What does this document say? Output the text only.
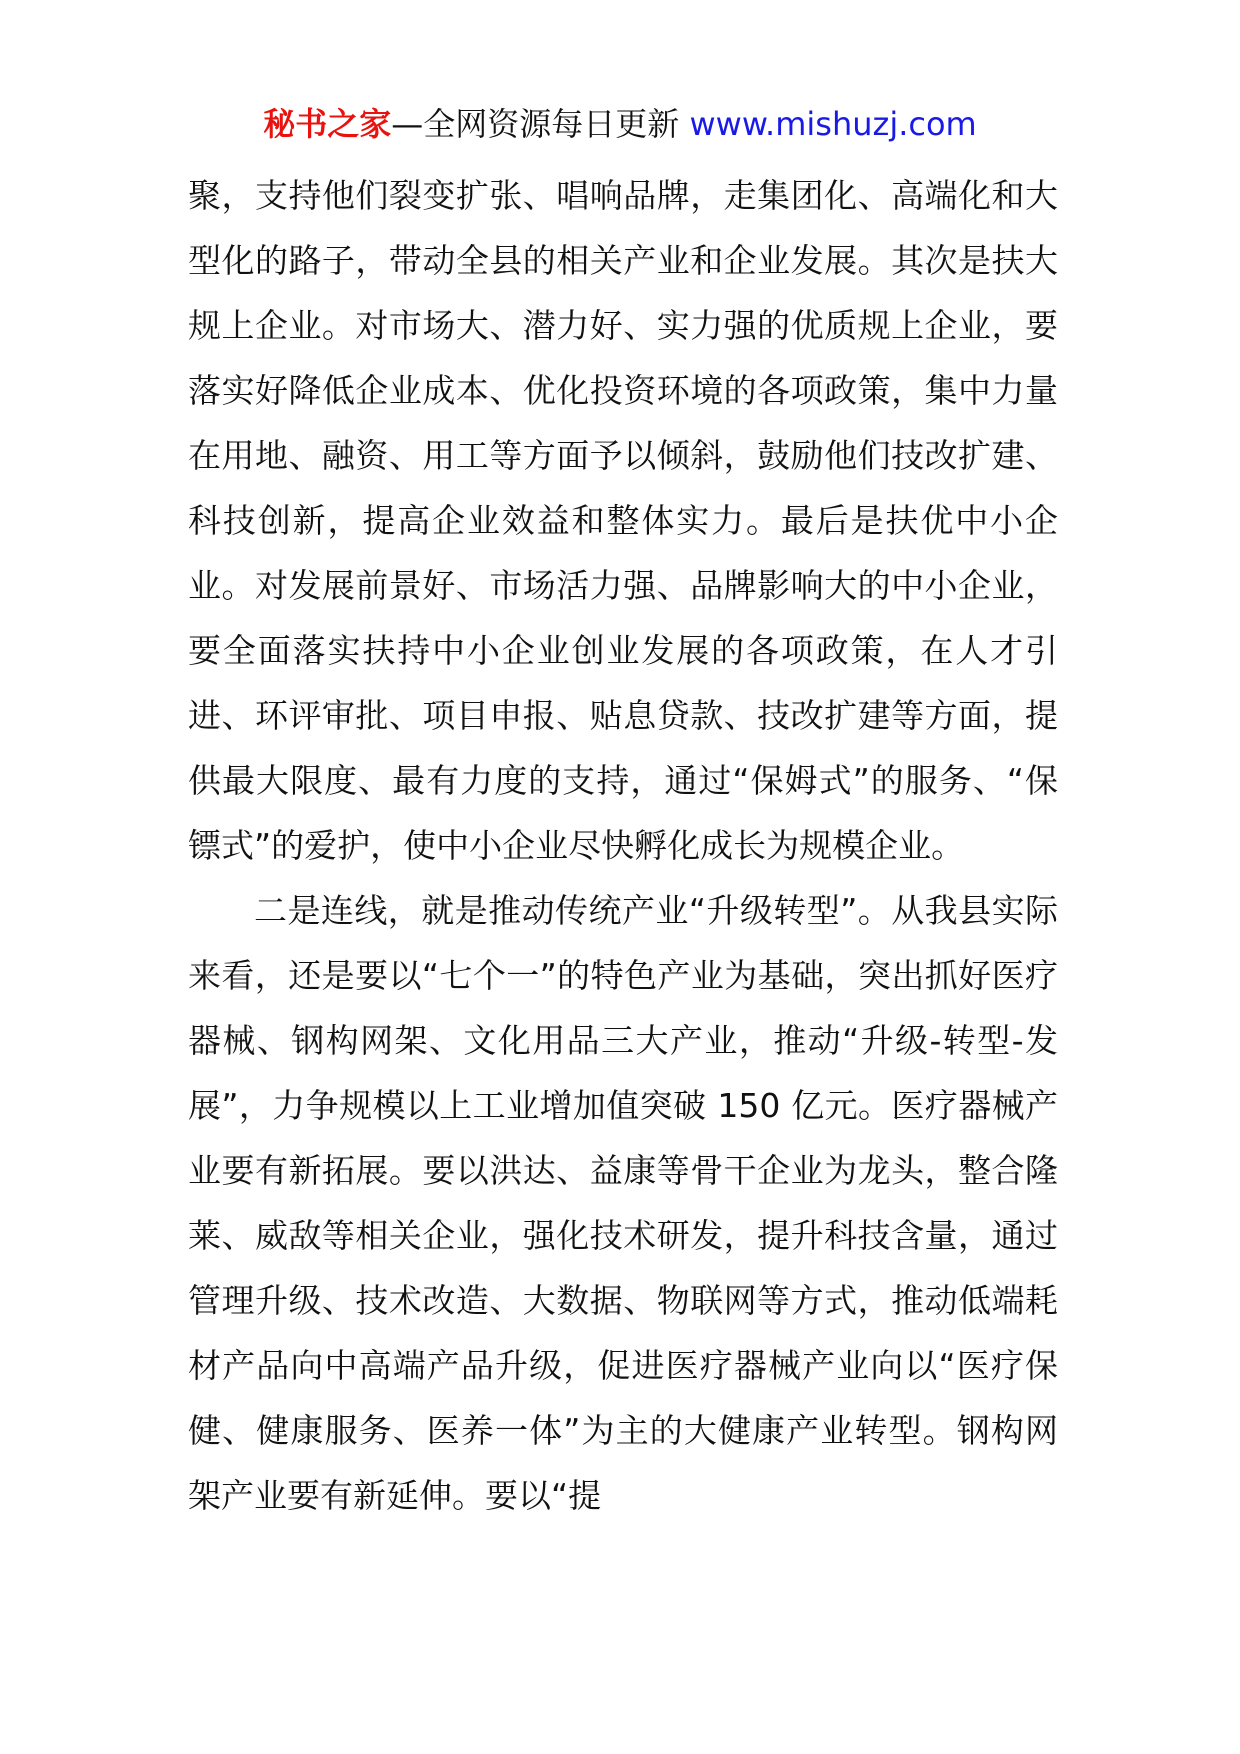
秘书之家—全网资源每日更新 www.mishuzj.com

聚，支持他们裂变扩张、唱响品牌，走集团化、高端化和大型化的路子，带动全县的相关产业和企业发展。其次是扶大规上企业。对市场大、潜力好、实力强的优质规上企业，要落实好降低企业成本、优化投资环境的各项政策，集中力量在用地、融资、用工等方面予以倾斜，鼓励他们技改扩建、科技创新，提高企业效益和整体实力。最后是扶优中小企业。对发展前景好、市场活力强、品牌影响大的中小企业，要全面落实扶持中小企业创业发展的各项政策，在人才引进、环评审批、项目申报、贴息贷款、技改扩建等方面，提供最大限度、最有力度的支持，通过“保姆式”的服务、“保镖式”的爱护，使中小企业尽快孵化成长为规模企业。

二是连线，就是推动传统产业“升级转型”。从我县实际来看，还是要以“七个一”的特色产业为基础，突出抓好医疗器械、钢构网架、文化用品三大产业，推动“升级-转型-发展”，力争规模以上工业增加值突破 150 亿元。医疗器械产业要有新拓展。要以洪达、益康等骨干企业为龙头，整合隆莱、威敌等相关企业，强化技术研发，提升科技含量，通过管理升级、技术改造、大数据、物联网等方式，推动低端耗材产品向中高端产品升级，促进医疗器械产业向以“医疗保健、健康服务、医养一体”为主的大健康产业转型。钢构网架产业要有新延伸。要以“提
